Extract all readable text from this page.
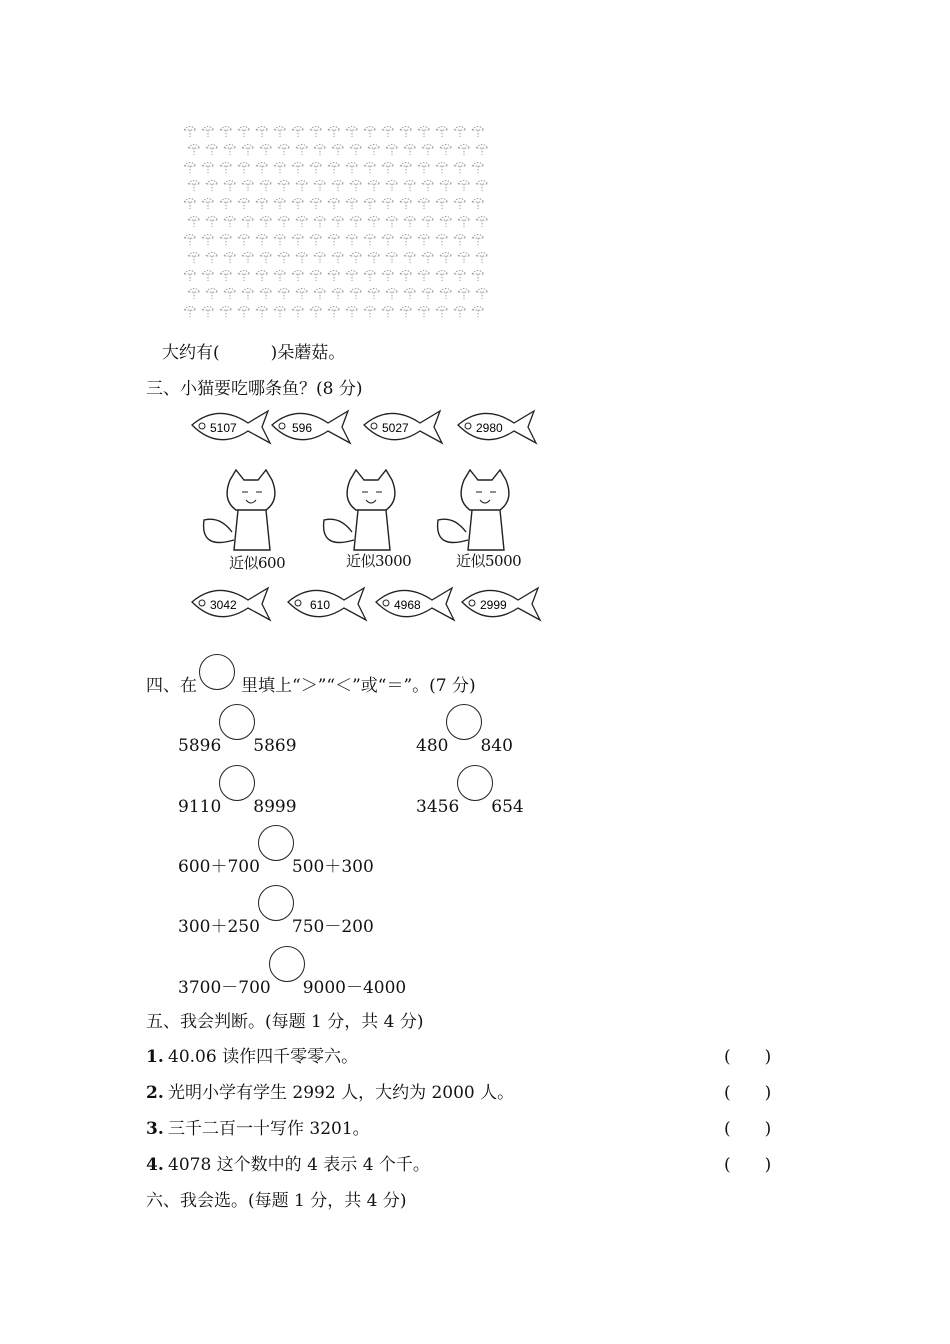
大约有(　　　)朵蘑菇。
三、小猫要吃哪条鱼？(8 分)
5107	596	5027	2980
3042	610	4968	2999
近似600	近似3000	近似5000
四、在	里填上“＞”“＜”或“＝”。(7 分)
5896 5869	480 840
9110 8999	3456 654
600＋700 500＋300
300＋250 750－200
3700－700 9000－4000
五、我会判断。(每题 1 分，共 4 分)
1. 40.06 读作四千零零六。	(　　)
2. 光明小学有学生 2992 人，大约为 2000 人。	(　　)
3. 三千二百一十写作 3201。	(　　)
4. 4078 这个数中的 4 表示 4 个千。	(　　)
六、我会选。(每题 1 分，共 4 分)
